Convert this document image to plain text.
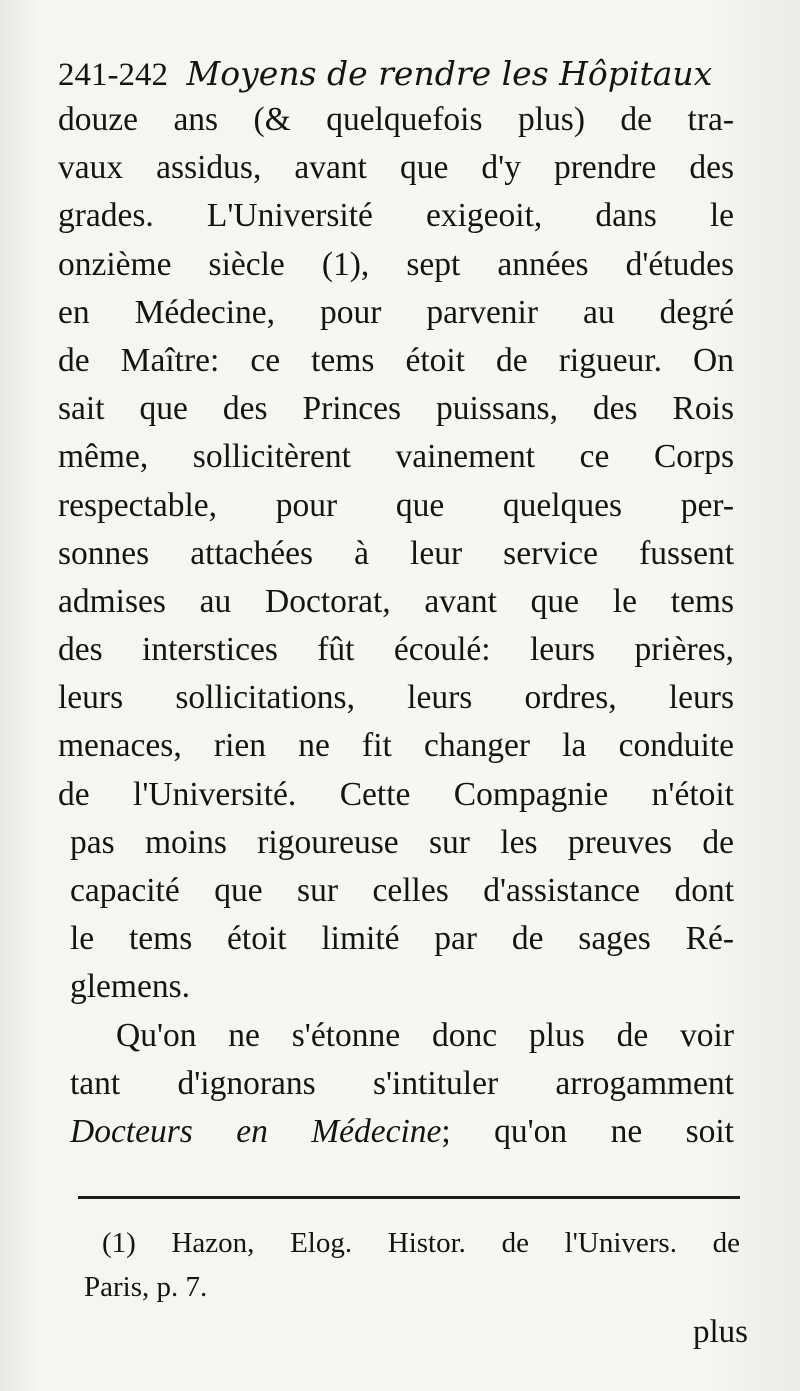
241-242 Moyens de rendre les Hôpitaux
douze ans (& quelquefois plus) de tra-
vaux assidus, avant que d'y prendre des
grades. L'Université exigeoit, dans le
onzième siècle (1), sept années d'études
en Médecine, pour parvenir au degré
de Maître: ce tems étoit de rigueur. On
sait que des Princes puissans, des Rois
même, sollicitèrent vainement ce Corps
respectable, pour que quelques per-
sonnes attachées à leur service fussent
admises au Doctorat, avant que le tems
des interstices fût écoulé: leurs prières,
leurs sollicitations, leurs ordres, leurs
menaces, rien ne fit changer la conduite
de l'Université. Cette Compagnie n'étoit
pas moins rigoureuse sur les preuves de
capacité que sur celles d'assistance dont
le tems étoit limité par de sages Ré-
glemens.
Qu'on ne s'étonne donc plus de voir
tant d'ignorans s'intituler arrogamment
Docteurs en Médecine; qu'on ne soit
(1) Hazon, Elog. Histor. de l'Univers. de
Paris, p. 7.
plus
